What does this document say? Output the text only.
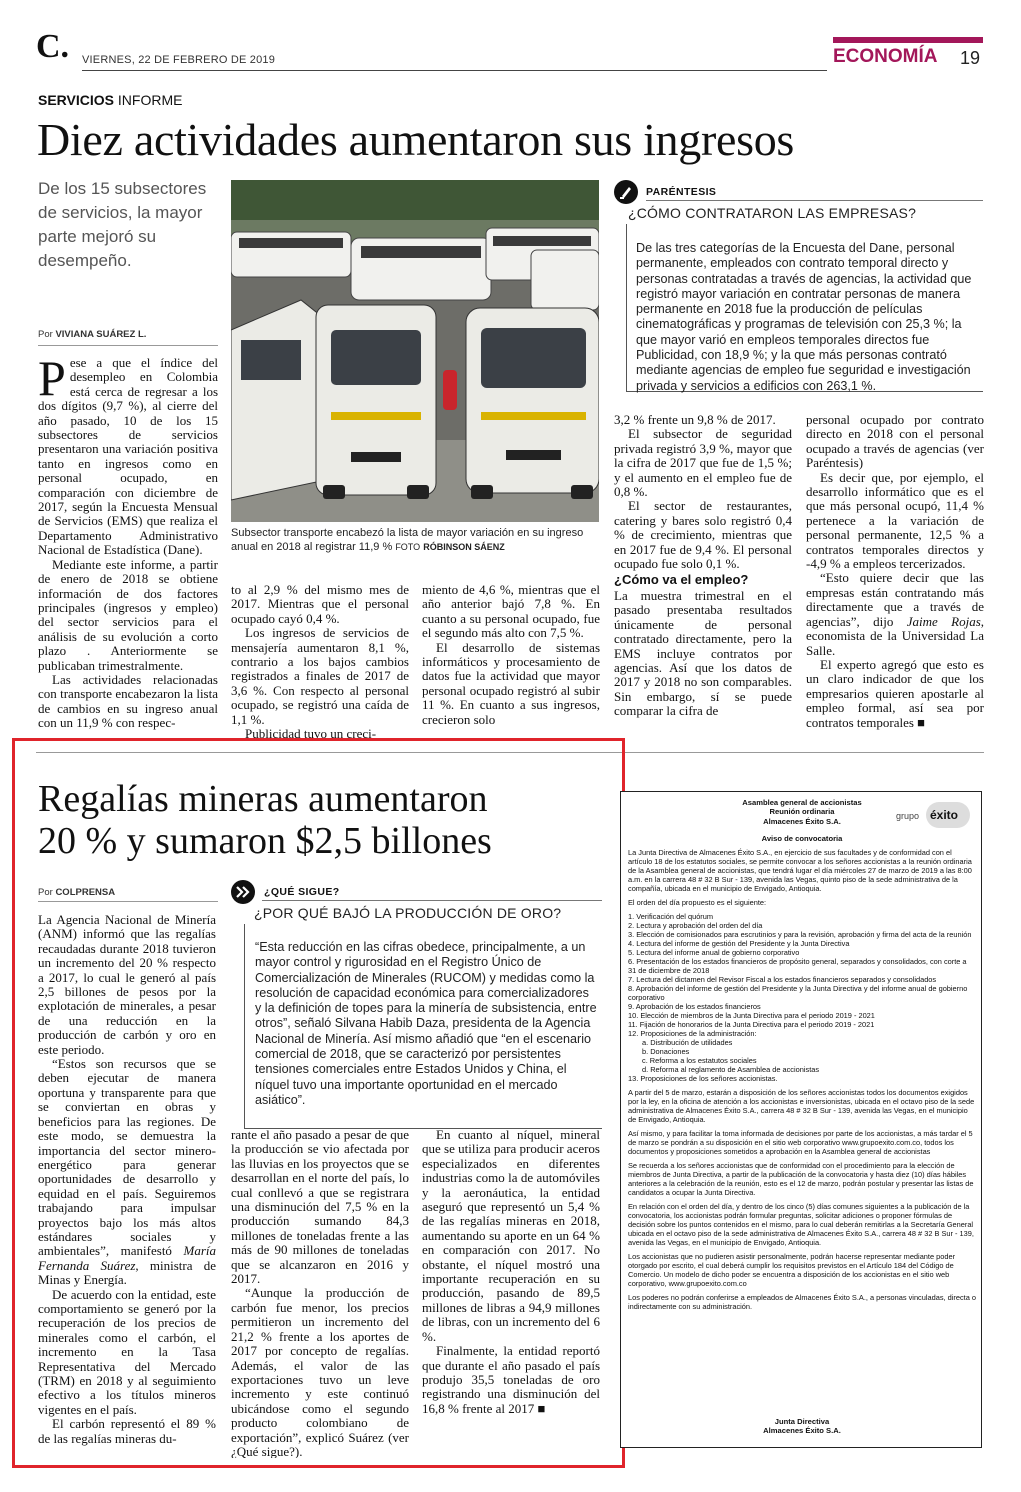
C. VIERNES, 22 DE FEBRERO DE 2019	ECONOMÍA 19
SERVICIOS INFORME
Diez actividades aumentaron sus ingresos
De los 15 subsectores de servicios, la mayor parte mejoró su desempeño.
Por VIVIANA SUÁREZ L.
Subsector transporte encabezó la lista de mayor variación en su ingreso anual en 2018 al registrar 11,9 % FOTO RÓBINSON SÁENZ
P ese a que el índice del desempleo en Colombia está cerca de regresar a los dos dígitos (9,7 %), al cierre del año pasado, 10 de los 15 subsectores de servicios presentaron una variación positiva tanto en ingresos como en personal ocupado, en comparación con diciembre de 2017, según la Encuesta Mensual de Servicios (EMS) que realiza el Departamento Administrativo Nacional de Estadística (Dane).

Mediante este informe, a partir de enero de 2018 se obtiene información de dos factores principales (ingresos y empleo) del sector servicios para el análisis de su evolución a corto plazo . Anteriormente se publicaban trimestralmente.

Las actividades relacionadas con transporte encabezaron la lista de cambios en su ingreso anual con un 11,9 % con respec-

to al 2,9 % del mismo mes de 2017. Mientras que el personal ocupado cayó 0,4 %.

Los ingresos de servicios de mensajería aumentaron 8,1 %, contrario a los bajos cambios registrados a finales de 2017 de 3,6 %. Con respecto al personal ocupado, se registró una caída de 1,1 %.

Publicidad tuvo un creci-

miento de 4,6 %, mientras que el año anterior bajó 7,8 %. En cuanto a su personal ocupado, fue el segundo más alto con 7,5 %.

El desarrollo de sistemas informáticos y procesamiento de datos fue la actividad que mayor personal ocupado registró al subir 11 %. En cuanto a sus ingresos, crecieron solo

PARÉNTESIS
¿CÓMO CONTRATARON LAS EMPRESAS?
De las tres categorías de la Encuesta del Dane, personal permanente, empleados con contrato temporal directo y personas contratadas a través de agencias, la actividad que registró mayor variación en contratar personas de manera permanente en 2018 fue la producción de películas cinematográficas y programas de televisión con 25,3 %; la que mayor varió en empleos temporales directos fue Publicidad, con 18,9 %; y la que más personas contrató mediante agencias de empleo fue seguridad e investigación privada y servicios a edificios con 263,1 %.

3,2 % frente un 9,8 % de 2017.

El subsector de seguridad privada registró 3,9 %, mayor que la cifra de 2017 que fue de 1,5 %; y el aumento en el empleo fue de 0,8 %.

El sector de restaurantes, catering y bares solo registró 0,4 % de crecimiento, mientras que en 2017 fue de 9,4 %. El personal ocupado fue solo 0,1 %.

¿Cómo va el empleo?

La muestra trimestral en el pasado presentaba resultados únicamente de personal contratado directamente, pero la EMS incluye contratos por agencias. Así que los datos de 2017 y 2018 no son comparables. Sin embargo, sí se puede comparar la cifra de

personal ocupado por contrato directo en 2018 con el personal ocupado a través de agencias (ver Paréntesis)

Es decir que, por ejemplo, el desarrollo informático que es el que más personal ocupó, 11,4 % pertenece a la variación de personal permanente, 12,5 % a contratos temporales directos y -4,9 % a empleos tercerizados.

“Esto quiere decir que las empresas están contratando más directamente que a través de agencias”, dijo Jaime Rojas, economista de la Universidad La Salle.

El experto agregó que esto es un claro indicador de que los empresarios quieren apostarle al empleo formal, así sea por contratos temporales ■

Regalías mineras aumentaron
20 % y sumaron $2,5 billones
Por COLPRENSA

La Agencia Nacional de Minería (ANM) informó que las regalías recaudadas durante 2018 tuvieron un incremento del 20 % respecto a 2017, lo cual le generó al país 2,5 billones de pesos por la explotación de minerales, a pesar de una reducción en la producción de carbón y oro en este periodo.

“Estos son recursos que se deben ejecutar de manera oportuna y transparente para que se conviertan en obras y beneficios para las regiones. De este modo, se demuestra la importancia del sector minero-energético para generar oportunidades de desarrollo y equidad en el país. Seguiremos trabajando para impulsar proyectos bajo los más altos estándares sociales y ambientales”, manifestó María Fernanda Suárez, ministra de Minas y Energía.

De acuerdo con la entidad, este comportamiento se generó por la recuperación de los precios de minerales como el carbón, el incremento en la Tasa Representativa del Mercado (TRM) en 2018 y al seguimiento efectivo a los títulos mineros vigentes en el país.

El carbón representó el 89 % de las regalías mineras du-

¿QUÉ SIGUE?
¿POR QUÉ BAJÓ LA PRODUCCIÓN DE ORO?
“Esta reducción en las cifras obedece, principalmente, a un mayor control y rigurosidad en el Registro Único de Comercialización de Minerales (RUCOM) y medidas como la resolución de capacidad económica para comercializadores y la definición de topes para la minería de subsistencia, entre otros”, señaló Silvana Habib Daza, presidenta de la Agencia Nacional de Minería. Así mismo añadió que “en el escenario comercial de 2018, que se caracterizó por persistentes tensiones comerciales entre Estados Unidos y China, el níquel tuvo una importante oportunidad en el mercado asiático”.

rante el año pasado a pesar de que la producción se vio afectada por las lluvias en los proyectos que se desarrollan en el norte del país, lo cual conllevó a que se registrara una disminución del 7,5 % en la producción sumando 84,3 millones de toneladas frente a las más de 90 millones de toneladas que se alcanzaron en 2016 y 2017.

“Aunque la producción de carbón fue menor, los precios permitieron un incremento del 21,2 % frente a los aportes de 2017 por concepto de regalías. Además, el valor de las exportaciones tuvo un leve incremento y este continuó ubicándose como el segundo producto colombiano de exportación”, explicó Suárez (ver ¿Qué sigue?).

En cuanto al níquel, mineral que se utiliza para producir aceros especializados en diferentes industrias como la de automóviles y la aeronáutica, la entidad aseguró que representó un 5,4 % de las regalías mineras en 2018, aumentando su aporte en un 64 % en comparación con 2017. No obstante, el níquel mostró una importante recuperación en su producción, pasando de 89,5 millones de libras a 94,9 millones de libras, con un incremento del 6 %.

Finalmente, la entidad reportó que durante el año pasado el país produjo 35,5 toneladas de oro registrando una disminución del 16,8 % frente al 2017 ■

Asamblea general de accionistas
Reunión ordinaria
Almacenes Éxito S.A.
grupo éxito
Aviso de convocatoria

La Junta Directiva de Almacenes Éxito S.A., en ejercicio de sus facultades y de conformidad con el artículo 18 de los estatutos sociales, se permite convocar a los señores accionistas a la reunión ordinaria de la Asamblea general de accionistas, que tendrá lugar el día miércoles 27 de marzo de 2019 a las 8:00 a.m. en la carrera 48 # 32 B Sur - 139, avenida las Vegas, quinto piso de la sede administrativa de la compañía, ubicada en el municipio de Envigado, Antioquia.

El orden del día propuesto es el siguiente:

1. Verificación del quórum
2. Lectura y aprobación del orden del día
3. Elección de comisionados para escrutinios y para la revisión, aprobación y firma del acta de la reunión
4. Lectura del informe de gestión del Presidente y la Junta Directiva
5. Lectura del informe anual de gobierno corporativo
6. Presentación de los estados financieros de propósito general, separados y consolidados, con corte a 31 de diciembre de 2018
7. Lectura del dictamen del Revisor Fiscal a los estados financieros separados y consolidados
8. Aprobación del informe de gestión del Presidente y la Junta Directiva y del informe anual de gobierno corporativo
9. Aprobación de los estados financieros
10. Elección de miembros de la Junta Directiva para el periodo 2019 - 2021
11. Fijación de honorarios de la Junta Directiva para el periodo 2019 - 2021
12. Proposiciones de la administración:
a. Distribución de utilidades
b. Donaciones
c. Reforma a los estatutos sociales
d. Reforma al reglamento de Asamblea de accionistas
13. Proposiciones de los señores accionistas.

A partir del 5 de marzo, estarán a disposición de los señores accionistas todos los documentos exigidos por la ley, en la oficina de atención a los accionistas e inversionistas, ubicada en el octavo piso de la sede administrativa de Almacenes Éxito S.A., carrera 48 # 32 B Sur - 139, avenida las Vegas, en el municipio de Envigado, Antioquia.

Así mismo, y para facilitar la toma informada de decisiones por parte de los accionistas, a más tardar el 5 de marzo se pondrán a su disposición en el sitio web corporativo www.grupoexito.com.co, todos los documentos y proposiciones sometidos a aprobación en la Asamblea general de accionistas

Se recuerda a los señores accionistas que de conformidad con el procedimiento para la elección de miembros de Junta Directiva, a partir de la publicación de la convocatoria y hasta diez (10) días hábiles anteriores a la celebración de la reunión, esto es el 12 de marzo, podrán postular y presentar las listas de candidatos a ocupar la Junta Directiva.

En relación con el orden del día, y dentro de los cinco (5) días comunes siguientes a la publicación de la convocatoria, los accionistas podrán formular preguntas, solicitar adiciones o proponer fórmulas de decisión sobre los puntos contenidos en el mismo, para lo cual deberán remitirlas a la Secretaría General ubicada en el octavo piso de la sede administrativa de Almacenes Éxito S.A., carrera 48 # 32 B Sur - 139, avenida las Vegas, en el municipio de Envigado, Antioquia.

Los accionistas que no pudieren asistir personalmente, podrán hacerse representar mediante poder otorgado por escrito, el cual deberá cumplir los requisitos previstos en el Artículo 184 del Código de Comercio. Un modelo de dicho poder se encuentra a disposición de los accionistas en el sitio web corporativo, www.grupoexito.com.co

Los poderes no podrán conferirse a empleados de Almacenes Éxito S.A., a personas vinculadas, directa o indirectamente con su administración.

Junta Directiva
Almacenes Éxito S.A.
